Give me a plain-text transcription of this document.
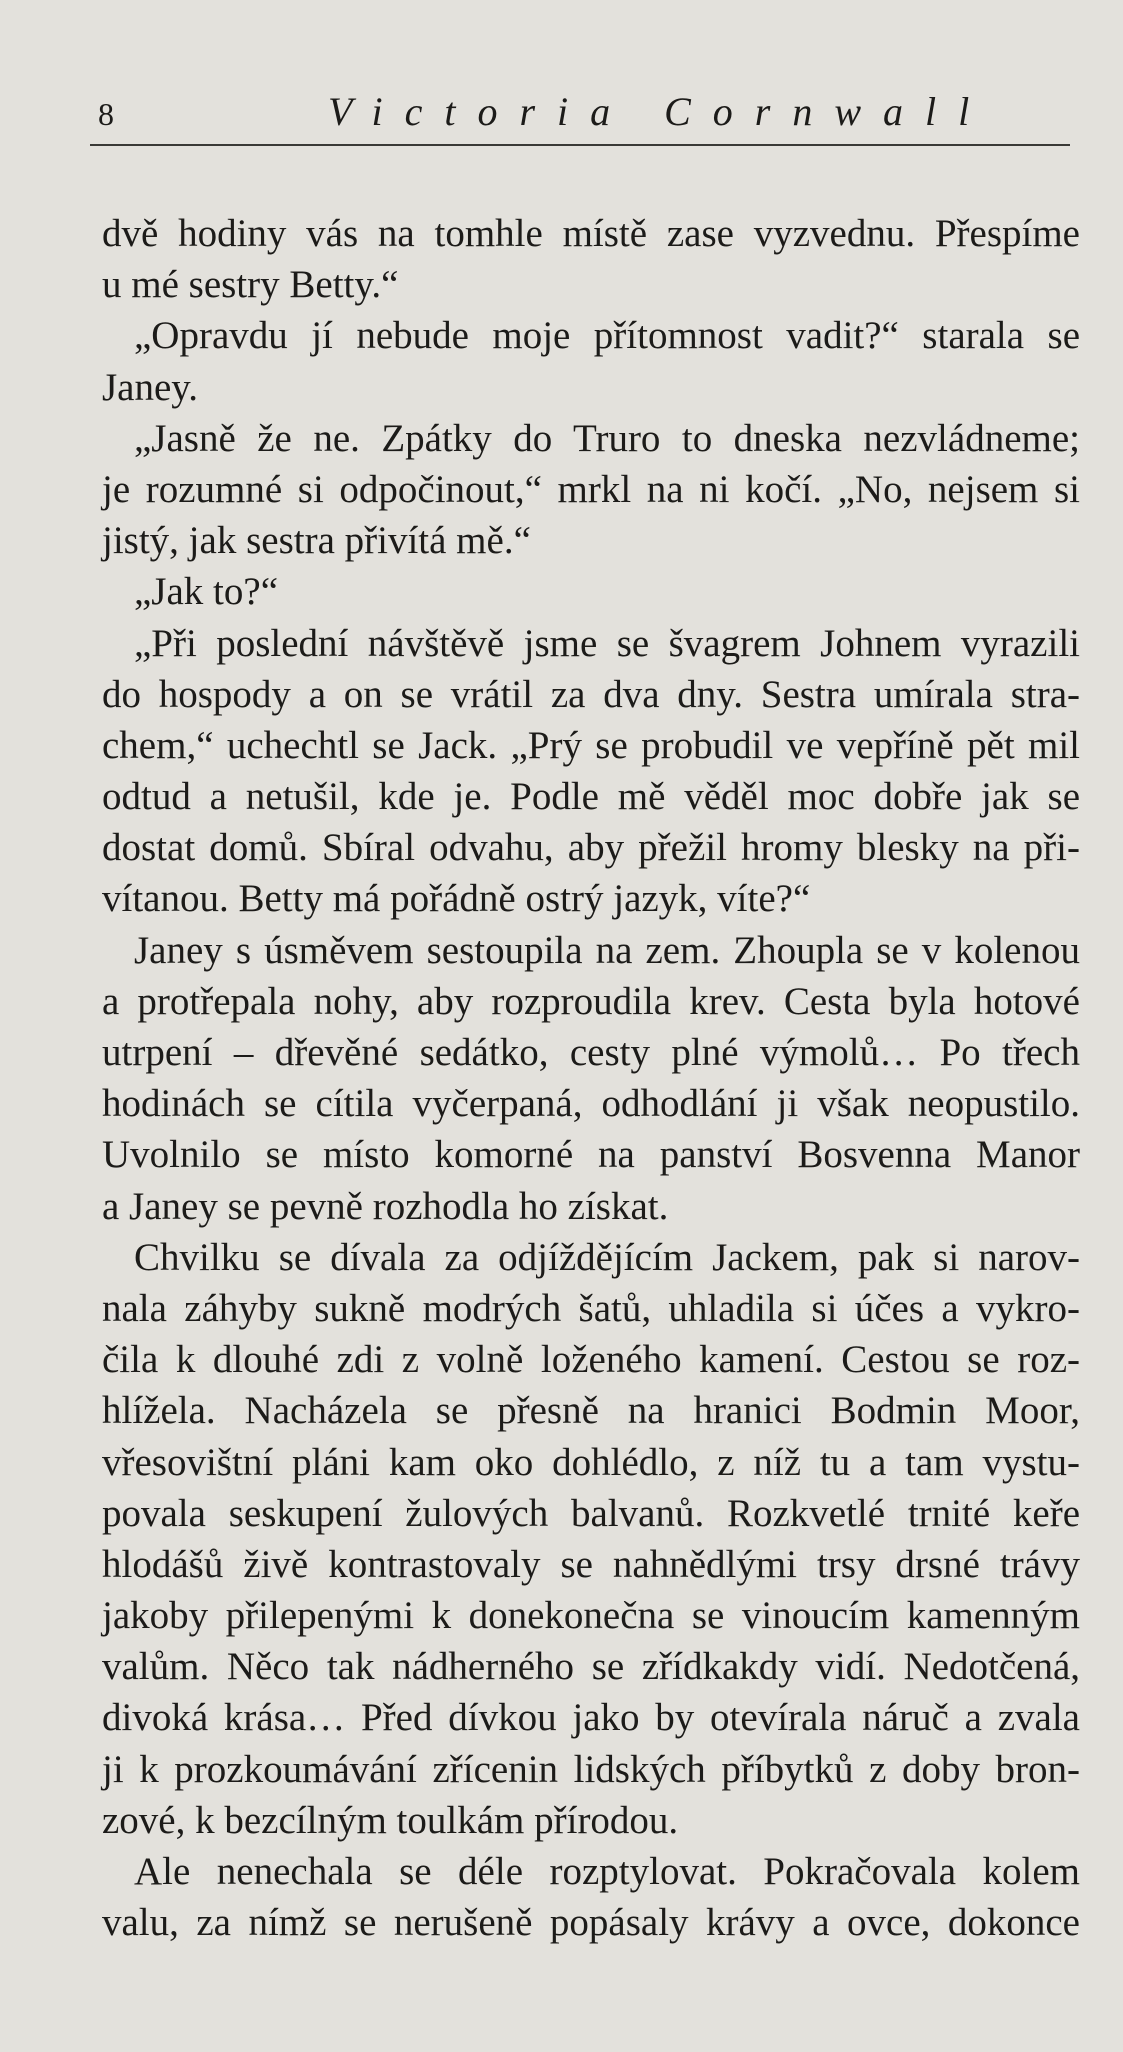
8	Victoria Cornwall
dvě hodiny vás na tomhle místě zase vyzvednu. Přespíme
u mé sestry Betty.“
„Opravdu jí nebude moje přítomnost vadit?“ starala se
Janey.
„Jasně že ne. Zpátky do Truro to dneska nezvládneme;
je rozumné si odpočinout,“ mrkl na ni kočí. „No, nejsem si
jistý, jak sestra přivítá mě.“
„Jak to?“
„Při poslední návštěvě jsme se švagrem Johnem vyrazili
do hospody a on se vrátil za dva dny. Sestra umírala stra-
chem,“ uchechtl se Jack. „Prý se probudil ve vepříně pět mil
odtud a netušil, kde je. Podle mě věděl moc dobře jak se
dostat domů. Sbíral odvahu, aby přežil hromy blesky na při-
vítanou. Betty má pořádně ostrý jazyk, víte?“
Janey s úsměvem sestoupila na zem. Zhoupla se v kolenou
a protřepala nohy, aby rozproudila krev. Cesta byla hotové
utrpení – dřevěné sedátko, cesty plné výmolů… Po třech
hodinách se cítila vyčerpaná, odhodlání ji však neopustilo.
Uvolnilo se místo komorné na panství Bosvenna Manor
a Janey se pevně rozhodla ho získat.
Chvilku se dívala za odjíždějícím Jackem, pak si narov-
nala záhyby sukně modrých šatů, uhladila si účes a vykro-
čila k dlouhé zdi z volně loženého kamení. Cestou se roz-
hlížela. Nacházela se přesně na hranici Bodmin Moor,
vřesovištní pláni kam oko dohlédlo, z níž tu a tam vystu-
povala seskupení žulových balvanů. Rozkvetlé trnité keře
hlodášů živě kontrastovaly se nahnědlými trsy drsné trávy
jakoby přilepenými k donekonečna se vinoucím kamenným
valům. Něco tak nádherného se zřídkakdy vidí. Nedotčená,
divoká krása… Před dívkou jako by otevírala náruč a zvala
ji k prozkoumávání zřícenin lidských příbytků z doby bron-
zové, k bezcílným toulkám přírodou.
Ale nenechala se déle rozptylovat. Pokračovala kolem
valu, za nímž se nerušeně popásaly krávy a ovce, dokonce
